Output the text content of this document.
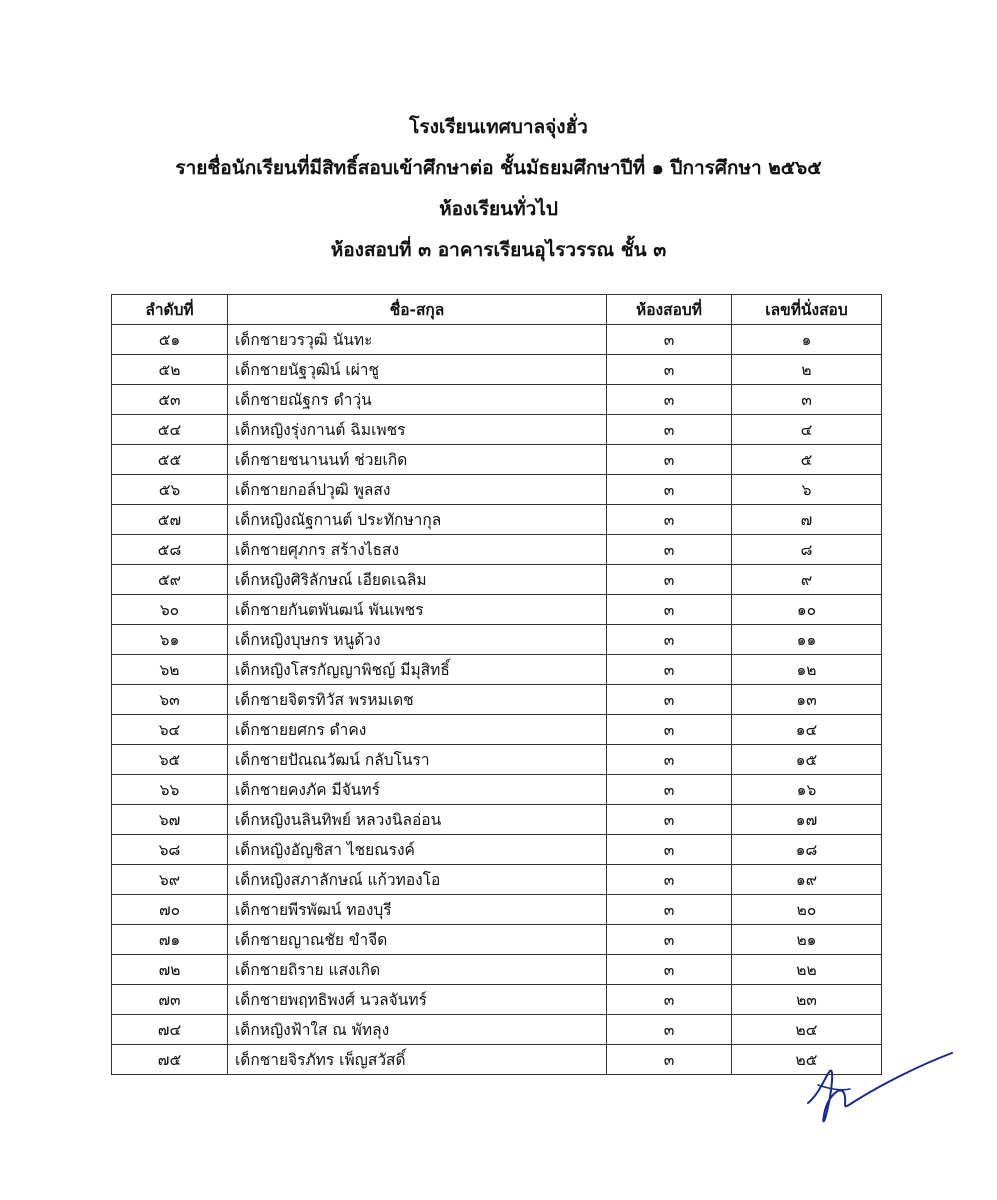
โรงเรียนเทศบาลจุ่งฮั่ว
รายชื่อนักเรียนที่มีสิทธิ์สอบเข้าศึกษาต่อ ชั้นมัธยมศึกษาปีที่ ๑ ปีการศึกษา ๒๕๖๕
ห้องเรียนทั่วไป
ห้องสอบที่ ๓ อาคารเรียนอุไรวรรณ ชั้น ๓
ลำดับที่	ชื่อ-สกุล	ห้องสอบที่	เลขที่นั่งสอบ
๕๑	เด็กชายวรวุฒิ นันทะ	๓	๑
๕๒	เด็กชายนัฐวุฒิน์ เผ่าชู	๓	๒
๕๓	เด็กชายณัฐกร ดำวุ่น	๓	๓
๕๔	เด็กหญิงรุ่งกานต์ ฉิมเพชร	๓	๔
๕๕	เด็กชายชนานนท์ ช่วยเกิด	๓	๕
๕๖	เด็กชายกอล์ปวุฒิ พูลสง	๓	๖
๕๗	เด็กหญิงณัฐกานต์ ประทักษากุล	๓	๗
๕๘	เด็กชายศุภกร สร้างไธสง	๓	๘
๕๙	เด็กหญิงศิริลักษณ์ เอียดเฉลิม	๓	๙
๖๐	เด็กชายกันตพันฒน์ พันเพชร	๓	๑๐
๖๑	เด็กหญิงบุษกร หนูด้วง	๓	๑๑
๖๒	เด็กหญิงโสรกัญญาพิชญ์ มีมุสิทธิ์	๓	๑๒
๖๓	เด็กชายจิตรทิวัส พรหมเดช	๓	๑๓
๖๔	เด็กชายยศกร ดำคง	๓	๑๔
๖๕	เด็กชายปัณณวัฒน์ กลับโนรา	๓	๑๕
๖๖	เด็กชายคงภัค มีจันทร์	๓	๑๖
๖๗	เด็กหญิงนลินทิพย์ หลวงนิลอ่อน	๓	๑๗
๖๘	เด็กหญิงอัญชิสา ไชยณรงค์	๓	๑๘
๖๙	เด็กหญิงสภาลักษณ์ แก้วทองโอ	๓	๑๙
๗๐	เด็กชายพีรพัฒน์ ทองบุรี	๓	๒๐
๗๑	เด็กชายญาณชัย ขำจีด	๓	๒๑
๗๒	เด็กชายถิราย แสงเกิด	๓	๒๒
๗๓	เด็กชายพฤทธิพงศ์ นวลจันทร์	๓	๒๓
๗๔	เด็กหญิงฟ้าใส ณ พัทลุง	๓	๒๔
๗๕	เด็กชายจิรภัทร เพ็ญสวัสดิ์	๓	๒๕
